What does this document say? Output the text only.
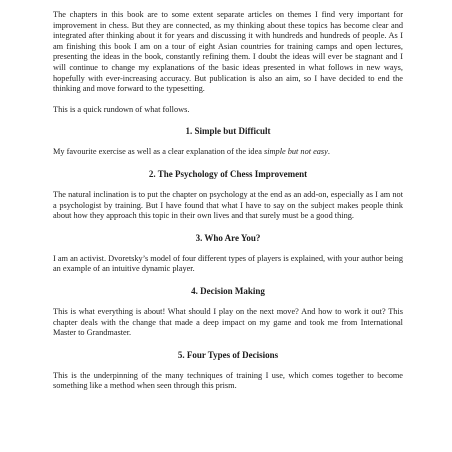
The chapters in this book are to some extent separate articles on themes I find very important for improvement in chess. But they are connected, as my thinking about these topics has become clear and integrated after thinking about it for years and discussing it with hundreds and hundreds of people. As I am finishing this book I am on a tour of eight Asian countries for training camps and open lectures, presenting the ideas in the book, constantly refining them. I doubt the ideas will ever be stagnant and I will continue to change my explanations of the basic ideas presented in what follows in new ways, hopefully with ever-increasing accuracy. But publication is also an aim, so I have decided to end the thinking and move forward to the typesetting.

This is a quick rundown of what follows.

1. Simple but Difficult

My favourite exercise as well as a clear explanation of the idea simple but not easy.

2. The Psychology of Chess Improvement

The natural inclination is to put the chapter on psychology at the end as an add-on, especially as I am not a psychologist by training. But I have found that what I have to say on the subject makes people think about how they approach this topic in their own lives and that surely must be a good thing.

3. Who Are You?

I am an activist. Dvoretsky’s model of four different types of players is explained, with your author being an example of an intuitive dynamic player.

4. Decision Making

This is what everything is about! What should I play on the next move? And how to work it out? This chapter deals with the change that made a deep impact on my game and took me from International Master to Grandmaster.

5. Four Types of Decisions

This is the underpinning of the many techniques of training I use, which comes together to become something like a method when seen through this prism.
